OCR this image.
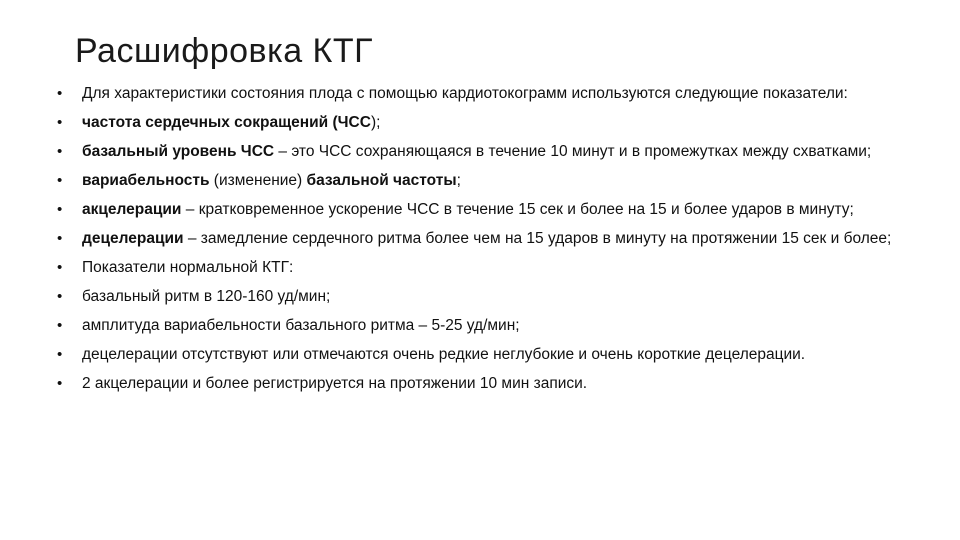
Расшифровка КТГ
• Для характеристики состояния плода с помощью кардиотокограмм используются следующие показатели:
• частота сердечных сокращений (ЧСС);
• базальный уровень ЧСС – это ЧСС сохраняющаяся в течение 10 минут и в промежутках между схватками;
• вариабельность (изменение) базальной частоты;
• акцелерации – кратковременное ускорение ЧСС в течение 15 сек и более на 15 и более ударов в минуту;
• децелерации – замедление сердечного ритма более чем на 15 ударов в минуту на протяжении 15 сек и более;
• Показатели нормальной КТГ:
• базальный ритм в 120-160 уд/мин;
• амплитуда вариабельности базального ритма – 5-25 уд/мин;
• децелерации отсутствуют или отмечаются очень редкие неглубокие и очень короткие децелерации.
• 2 акцелерации и более регистрируется на протяжении 10 мин записи.
